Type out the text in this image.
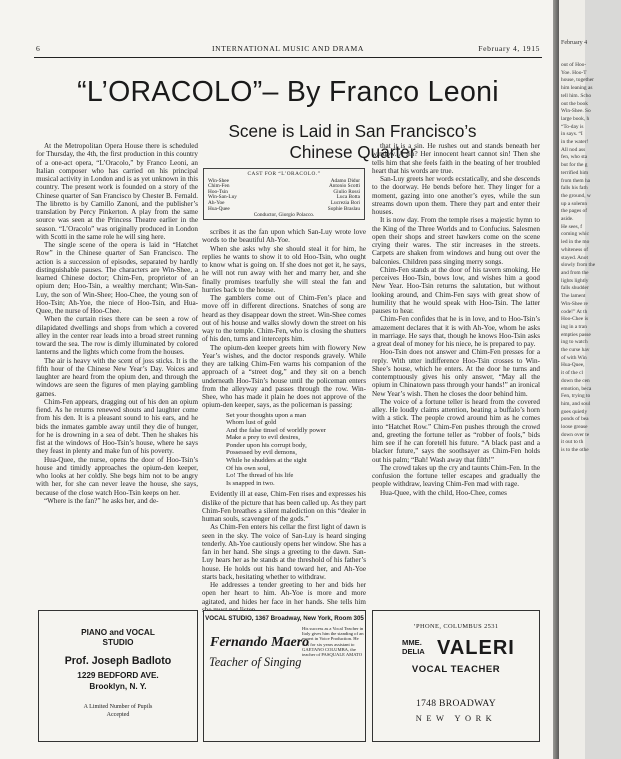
6	INTERNATIONAL MUSIC AND DRAMA	February 4, 1915
“L’ORACOLO”– By Franco Leoni
Scene is Laid in San Francisco’s
Chinese Quarter

At the Metropolitan Opera House there is scheduled for Thursday, the 4th, the first production in this country of a one-act opera, “L’Oracolo,” by Franco Leoni, an Italian composer who has carried on his principal musical activity in London and is as yet unknown in this country. The present work is founded on a story of the Chinese quarter of San Francisco by Chester B. Fernald. The libretto is by Camillo Zanoni, and the publisher’s translation by Percy Pinkerton. A play from the same source was seen at the Princess Theatre earlier in the season. “L’Oracolo” was originally produced in London with Scotti in the same role he will sing here.

The single scene of the opera is laid in “Hatchet Row” in the Chinese quarter of San Francisco. The action is a succession of episodes, separated by hardly distinguishable pauses. The characters are Win-Shee, a learned Chinese doctor; Chim-Fen, proprietor of an opium den; Hoo-Tsin, a wealthy merchant; Win-San-Luy, the son of Win-Shee; Hoo-Chee, the young son of Hoo-Tsin; Ah-Yoe, the niece of Hoo-Tsin, and Hua-Quee, the nurse of Hoo-Chee.

When the curtain rises there can be seen a row of dilapidated dwellings and shops from which a covered alley in the center rear leads into a broad street running toward the sea. The row is dimly illuminated by colored lanterns and the lights which come from the houses.

The air is heavy with the scent of joss sticks. It is the fifth hour of the Chinese New Year’s Day. Voices and laughter are heard from the opium den, and through the windows are seen the figures of men playing gambling games.

Chim-Fen appears, dragging out of his den an opium fiend. As he returns renewed shouts and laughter come from his den. It is a pleasant sound to his ears, and he bids the inmates gamble away until they die of hunger, for he is drowning in a sea of debt. Then he shakes his fist at the windows of Hoo-Tsin’s house, where he says they feast in plenty and make fun of his poverty.

Hua-Quee, the nurse, opens the door of Hoo-Tsin’s house and timidly approaches the opium-den keeper, who looks at her coldly. She begs him not to be angry with her, for she can never leave the house, she says, because of the close watch Hoo-Tsin keeps on her.

“Where is the fan?” he asks her, and de-

CAST FOR “L’ORACOLO.”
Win-Shee	Adamo Didur
Chim-Fen	Antonio Scotti
Hoo-Tsin	Giulio Rossi
Win-San-Luy	Luca Botta
Ah-Yoe	Lucrezia Bori
Hua-Quee	Sophie Braslau
Conductor, Giorgio Polacco.

scribes it as the fan upon which San-Luy wrote love words to the beautiful Ah-Yoe.

When she asks why she should steal it for him, he replies he wants to show it to old Hoo-Tsin, who ought to know what is going on. If she does not get it, he says, he will not run away with her and marry her, and she finally promises tearfully she will steal the fan and hurries back to the house.

The gamblers come out of Chim-Fen’s place and move off in different directions. Snatches of song are heard as they disappear down the street. Win-Shee comes out of his house and walks slowly down the street on his way to the temple. Chim-Fen, who is closing the shutters of his den, turns and intercepts him.

The opium-den keeper greets him with flowery New Year’s wishes, and the doctor responds gravely. While they are talking Chim-Fen warns his companion of the approach of a “street dog,” and they sit on a bench underneath Hoo-Tsin’s house until the policeman enters from the alleyway and passes through the row. Win-Shee, who has made it plain he does not approve of the opium-den keeper, says, as the policeman is passing:

Set your thoughts upon a man
Whom lust of gold
And the false tinsel of worldly power
Make a prey to evil desires,
Ponder upon his corrupt body,
Possessed by evil demons,
While he shudders at the sight
Of his own soul,
Lo! The thread of his life
Is snapped in two.

Evidently ill at ease, Chim-Fen rises and expresses his dislike of the picture that has been called up. As they part Chim-Fen breathes a silent malediction on this “dealer in human souls, scavenger of the gods.”

As Chim-Fen enters his cellar the first light of dawn is seen in the sky. The voice of San-Luy is heard singing tenderly. Ah-Yoe cautiously opens her window. She has a fan in her hand. She sings a greeting to the dawn. San-Luy hears her as he stands at the threshold of his father’s house. He holds out his hand toward her, and Ah-Yoe starts back, hesitating whether to withdraw.

He addresses a tender greeting to her and bids her open her heart to him. Ah-Yoe is more and more agitated, and hides her face in her hands. She tells him

that it is a sin. He rushes out and stands beneath her window. A sin? Her innocent heart cannot sin! Then she tells him that she feels faith in the beating of her troubled heart that his words are true.

San-Luy greets her words ecstatically, and she descends to the doorway. He bends before her. They linger for a moment, gazing into one another’s eyes, while the sun streams down upon them. There they part and enter their houses.

It is now day. From the temple rises a majestic hymn to the King of the Three Worlds and to Confucius. Salesmen open their shops and street hawkers come on the scene crying their wares. The stir increases in the streets. Carpets are shaken from windows and hung out over the balconies. Children pass singing merry songs.

Chim-Fen stands at the door of his tavern smoking. He perceives Hoo-Tsin, bows low, and wishes him a good New Year. Hoo-Tsin returns the salutation, but without looking around, and Chim-Fen says with great show of humility that he would speak with Hoo-Tsin. The latter pauses to hear.

Chim-Fen confides that he is in love, and to Hoo-Tsin’s amazement declares that it is with Ah-Yoe, whom he asks in marriage. He says that, though he knows Hoo-Tsin asks a great deal of money for his niece, he is prepared to pay.

Hoo-Tsin does not answer and Chim-Fen presses for a reply. With utter indifference Hoo-Tsin crosses to Win-Shee’s house, which he enters. At the door he turns and contemptuously gives his only answer, “May all the opium in Chinatown pass through your hands!” an ironical New Year’s wish. Then he closes the door behind him.

The voice of a fortune teller is heard from the covered alley. He loudly claims attention, beating a buffalo’s horn with a stick. The people crowd around him as he comes into “Hatchet Row.” Chim-Fen pushes through the crowd and, greeting the fortune teller as “robber of fools,” bids him see if he can foretell his future. “A black past and a blacker future,” says the soothsayer as Chim-Fen holds out his palm; “Bah! Wash away that filth!”

The crowd takes up the cry and taunts Chim-Fen. In the confusion the fortune teller escapes and gradually the people withdraw, leaving Chim-Fen mad with rage.

Hua-Quee, with the child, Hoo-Chee, comes

PIANO and VOCAL
STUDIO
Prof. Joseph Badloto
1229 BEDFORD AVE.
Brooklyn, N. Y.
A Limited Number of Pupils
Accepted
VOCAL STUDIO, 1367 Broadway, New York, Room 305
Fernando Maero
Teacher of Singing
His success as a Vocal Teacher in Italy gives him the standing of an expert in Voice Production. He was for six years assistant to GAETANO COLUMBA, the teacher of PASQUALE AMATO
’PHONE, COLUMBUS 2531
MME.
DELIA VALERI
VOCAL TEACHER
1748 BROADWAY
NEW YORK
February 4
out of Hoo-
Yoe. Hoo-T
house, together
him leaning as
tell him. Scho
out the book
Win-Shee. So
large book, h
“To-day is
in says. “I
in the water!
All nod ass
fen, who sta
but for the g
terrified him
from them ha
falls his fath
the ground, w
up a solemn
the pages of
aside.
He sees, f
coming whic
led in the mo
whiteness of
stayed. Anot
slowly from the
and from the
lights lightly
falls shudder
The lament
Win-Shee re
code!” At th
Hoo-Chee is
ing in a tran
empties passe
ing to watch
the curse hav
of with Win
Hua-Quee,
it of the cl
down the cen
emotion, beca
Fen, trying to
him, and soul
goes quietly
ponds of bea
loose grease
down over te
it out to th
is to the othe
